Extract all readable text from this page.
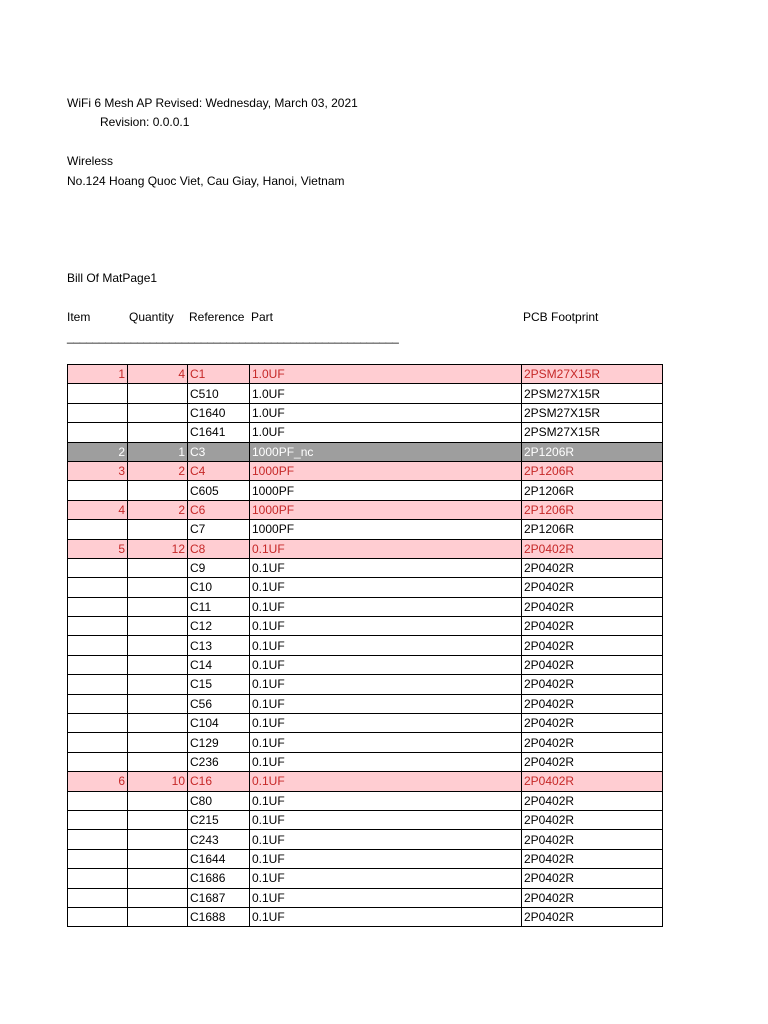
WiFi 6 Mesh AP Revised: Wednesday, March 03, 2021
Revision: 0.0.0.1
Wireless
No.124 Hoang Quoc Viet, Cau Giay, Hanoi, Vietnam
Bill Of MatPage1
Item	Quantity Reference Part	PCB Footprint
____________________________________________________
1	4	C1	1.0UF	2PSM27X15R
		C510	1.0UF	2PSM27X15R
		C1640	1.0UF	2PSM27X15R
		C1641	1.0UF	2PSM27X15R
2	1	C3	1000PF_nc	2P1206R
3	2	C4	1000PF	2P1206R
		C605	1000PF	2P1206R
4	2	C6	1000PF	2P1206R
		C7	1000PF	2P1206R
5	12	C8	0.1UF	2P0402R
		C9	0.1UF	2P0402R
		C10	0.1UF	2P0402R
		C11	0.1UF	2P0402R
		C12	0.1UF	2P0402R
		C13	0.1UF	2P0402R
		C14	0.1UF	2P0402R
		C15	0.1UF	2P0402R
		C56	0.1UF	2P0402R
		C104	0.1UF	2P0402R
		C129	0.1UF	2P0402R
		C236	0.1UF	2P0402R
6	10	C16	0.1UF	2P0402R
		C80	0.1UF	2P0402R
		C215	0.1UF	2P0402R
		C243	0.1UF	2P0402R
		C1644	0.1UF	2P0402R
		C1686	0.1UF	2P0402R
		C1687	0.1UF	2P0402R
		C1688	0.1UF	2P0402R
